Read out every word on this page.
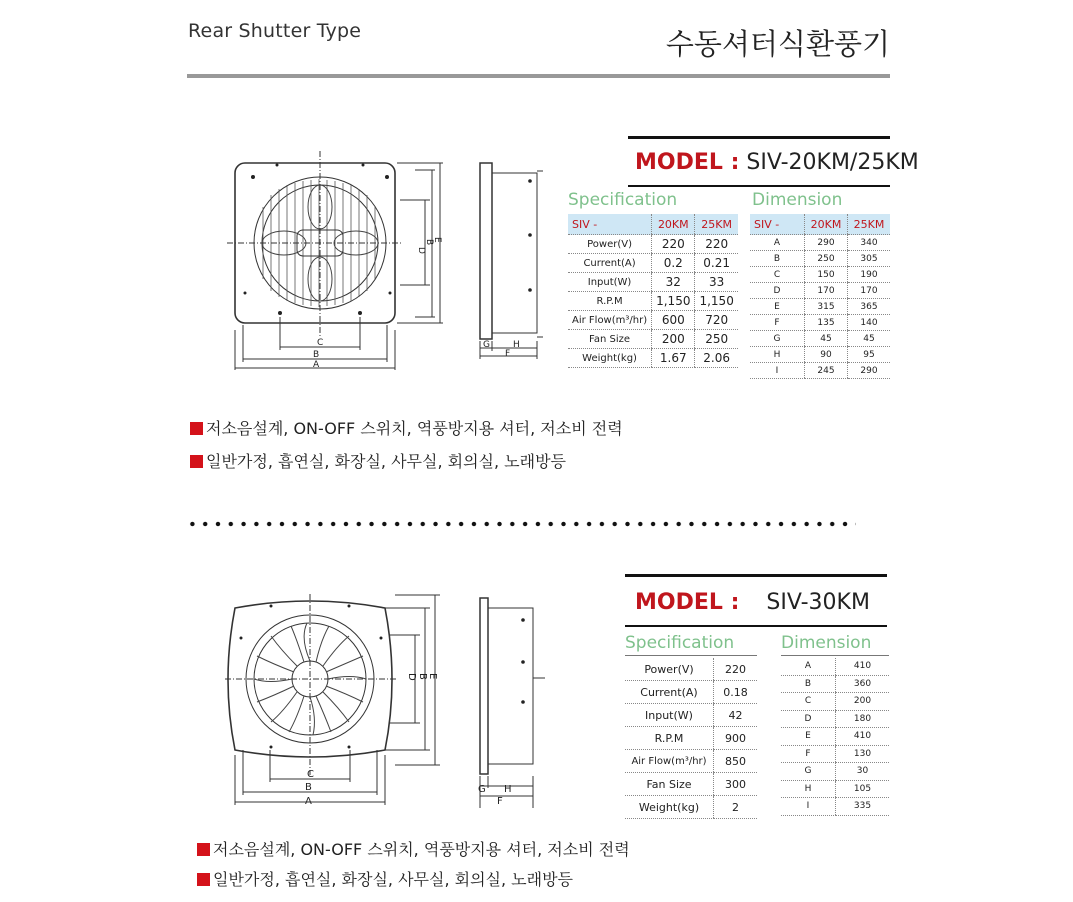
Rear Shutter Type	수동셔터식환풍기
C
B
A
D
B
E
G	H
F
MODEL : SIV-20KM/25KM
Specification	Dimension
SIV -	20KM	25KM
Power(V)	220	220
Current(A)	0.2	0.21
Input(W)	32	33
R.P.M	1,150	1,150
Air Flow(m³/hr)	600	720
Fan Size	200	250
Weight(kg)	1.67	2.06
SIV -	20KM	25KM
A	290	340
B	250	305
C	150	190
D	170	170
E	315	365
F	135	140
G	45	45
H	90	95
I	245	290
저소음설계, ON-OFF 스위치, 역풍방지용 셔터, 저소비 전력
일반가정, 흡연실, 화장실, 사무실, 회의실, 노래방등
C
B
A
D B E
G H
F
MODEL : SIV-30KM
Specification	Dimension
Power(V)	220
Current(A)	0.18
Input(W)	42
R.P.M	900
Air Flow(m³/hr)	850
Fan Size	300
Weight(kg)	2
A	410
B	360
C	200
D	180
E	410
F	130
G	30
H	105
I	335
저소음설계, ON-OFF 스위치, 역풍방지용 셔터, 저소비 전력
일반가정, 흡연실, 화장실, 사무실, 회의실, 노래방등
